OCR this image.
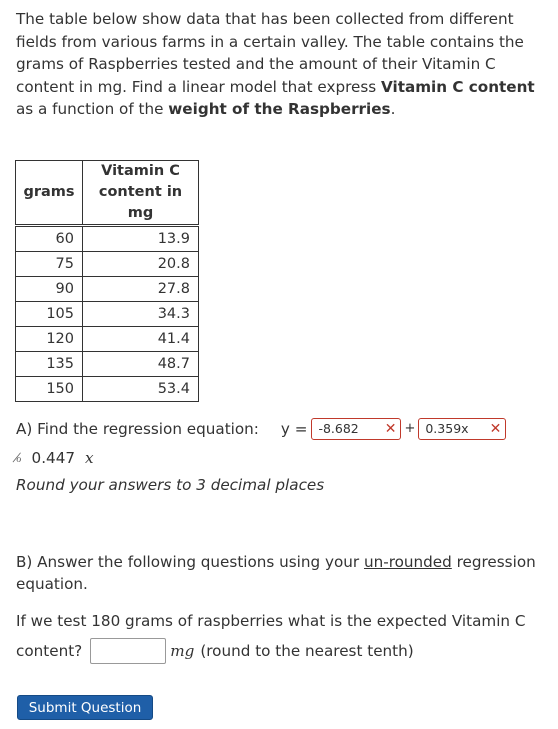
The table below show data that has been collected from different fields from various farms in a certain valley. The table contains the grams of Raspberries tested and the amount of their Vitamin C content in mg. Find a linear model that express Vitamin C content as a function of the weight of the Raspberries.

grams	Vitamin C content in mg
60	13.9
75	20.8
90	27.8
105	34.3
120	41.4
135	48.7
150	53.4
A) Find the regression equation: y = -8.682 ✕ + 0.359x ✕
ℴ̸ 0.447 x

Round your answers to 3 decimal places

B) Answer the following questions using your un-rounded regression equation.

If we test 180 grams of raspberries what is the expected Vitamin C

content?	mg (round to the nearest tenth)
Submit Question
